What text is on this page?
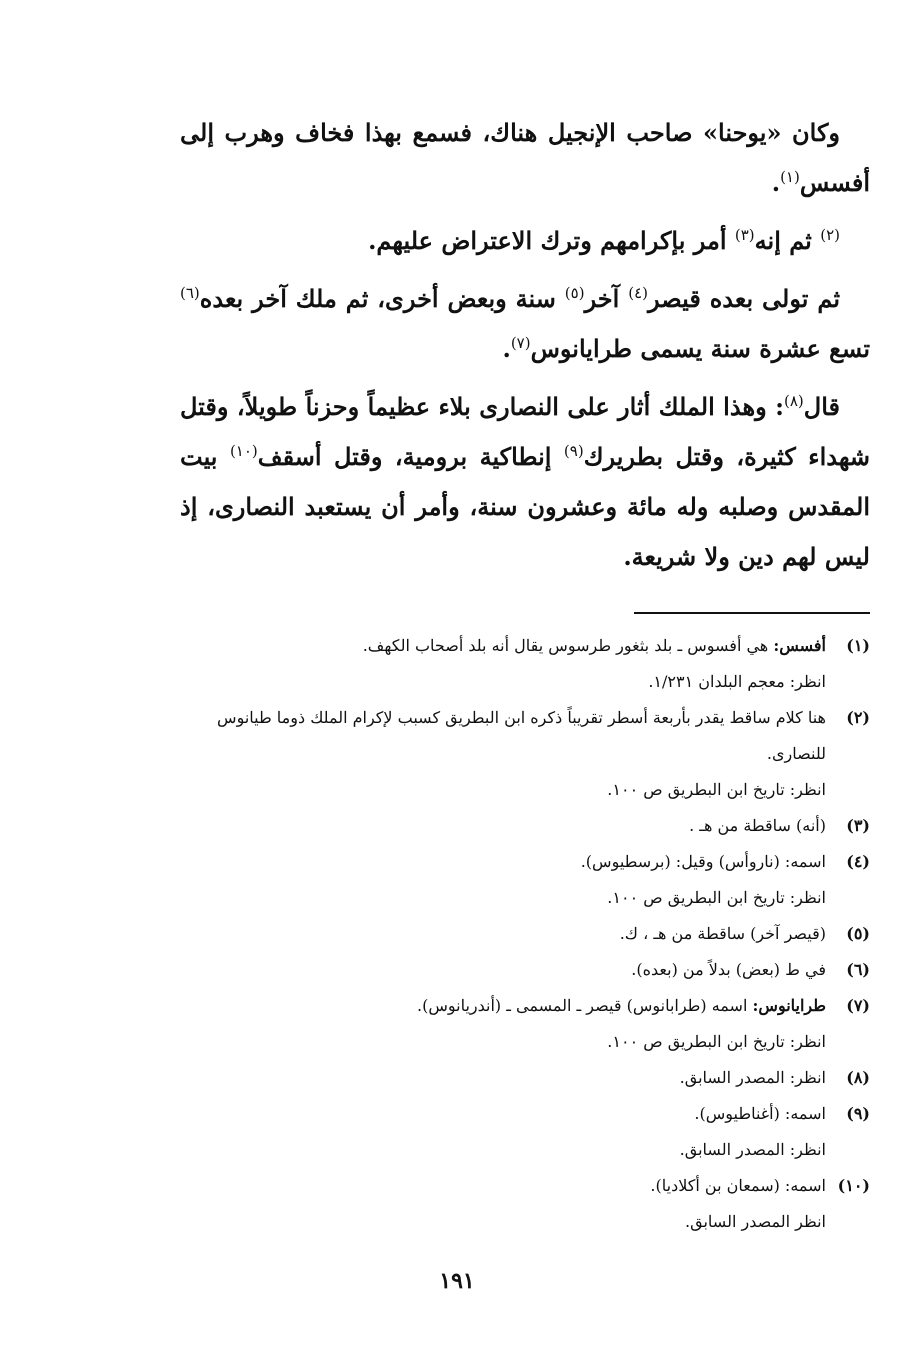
وكان «يوحنا» صاحب الإنجيل هناك، فسمع بهذا فخاف وهرب إلى أفسس$^{(١)}$.

$^{(٢)}$ ثم إنه$^{(٣)}$ أمر بإكرامهم وترك الاعتراض عليهم.

ثم تولى بعده قيصر$^{(٤)}$ آخر$^{(٥)}$ سنة وبعض أخرى، ثم ملك آخر بعده$^{(٦)}$ تسع عشرة سنة يسمى طرايانوس$^{(٧)}$.

قال$^{(٨)}$: وهذا الملك أثار على النصارى بلاء عظيماً وحزناً طويلاً، وقتل شهداء كثيرة، وقتل بطريرك$^{(٩)}$ إنطاكية برومية، وقتل أسقف$^{(١٠)}$ بيت المقدس وصلبه وله مائة وعشرون سنة، وأمر أن يستعبد النصارى، إذ ليس لهم دين ولا شريعة.

(١)
أفسس: هي أفسوس ـ بلد بثغور طرسوس يقال أنه بلد أصحاب الكهف.
انظر: معجم البلدان ١/٢٣١.
(٢)
هنا كلام ساقط يقدر بأربعة أسطر تقريباً ذكره ابن البطريق كسبب لإكرام الملك ذوما طيانوس للنصارى.
انظر: تاريخ ابن البطريق ص ١٠٠.
(٣)
(أنه) ساقطة من هـ .
(٤)
اسمه: (ناروأس) وقيل: (برسطيوس).
انظر: تاريخ ابن البطريق ص ١٠٠.
(٥)
(قيصر آخر) ساقطة من هـ ، ك.
(٦)
في ط (بعض) بدلاً من (بعده).
(٧)
طرايانوس: اسمه (طرابانوس) قيصر ـ المسمى ـ (أندريانوس).
انظر: تاريخ ابن البطريق ص ١٠٠.
(٨)
انظر: المصدر السابق.
(٩)
اسمه: (أغناطيوس).
انظر: المصدر السابق.
(١٠)
اسمه: (سمعان بن أكلاديا).
انظر المصدر السابق.
١٩١
